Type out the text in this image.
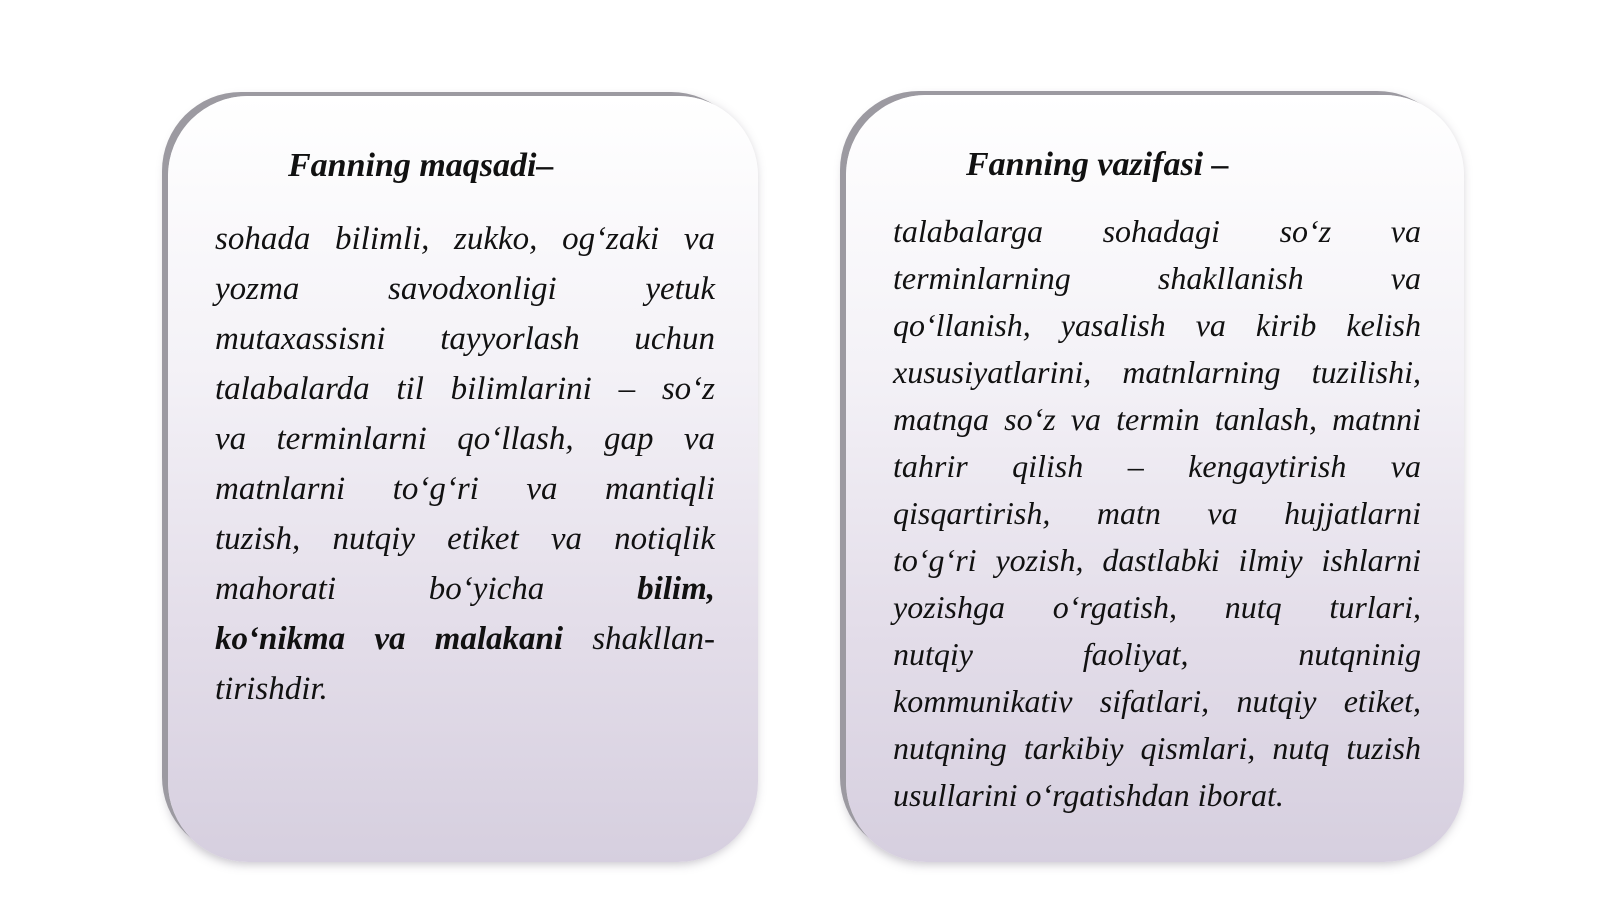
Fanning maqsadi–
sohada bilimli, zukko, og‘zaki va
yozma savodxonligi yetuk
mutaxassisni tayyorlash uchun
talabalarda til bilimlarini – so‘z
va terminlarni qo‘llash, gap va
matnlarni to‘g‘ri va mantiqli
tuzish, nutqiy etiket va notiqlik
mahorati bo‘yicha	bilim,
ko‘nikma va malakani shakllan-
tirishdir.
Fanning vazifasi –
talabalarga sohadagi so‘z va
terminlarning shakllanish va
qo‘llanish, yasalish va kirib kelish
xususiyatlarini, matnlarning tuzilishi,
matnga so‘z va termin tanlash, matnni
tahrir qilish – kengaytirish va
qisqartirish, matn va hujjatlarni
to‘g‘ri yozish, dastlabki ilmiy ishlarni
yozishga o‘rgatish, nutq turlari,
nutqiy faoliyat, nutqninig
kommunikativ sifatlari, nutqiy etiket,
nutqning tarkibiy qismlari, nutq tuzish
usullarini o‘rgatishdan iborat.
